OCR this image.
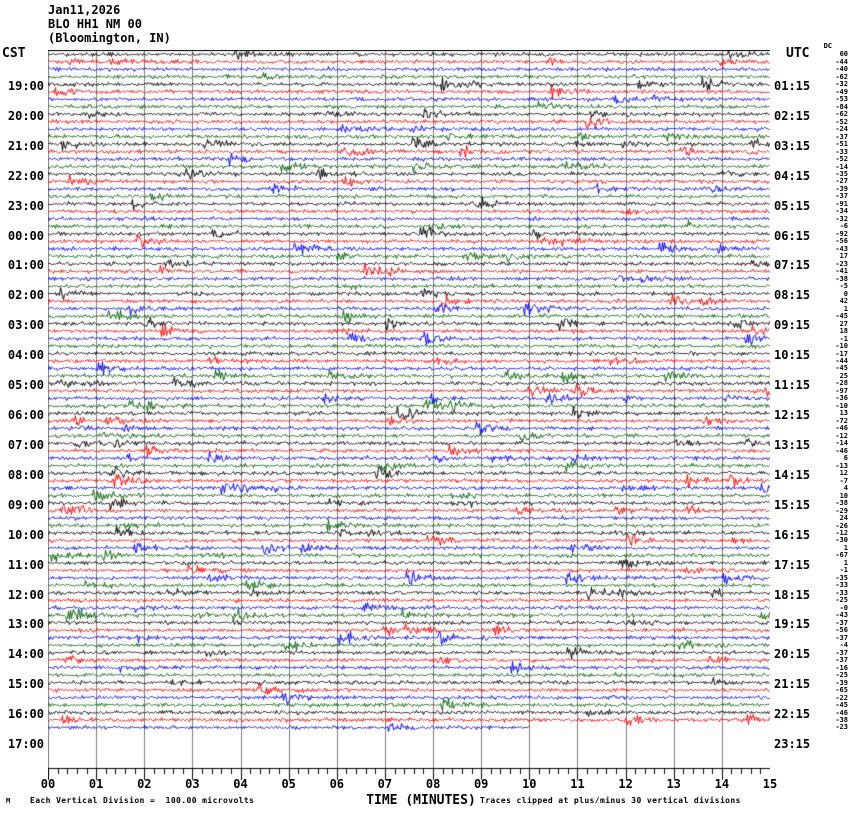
Jan11,2026
BLO HH1 NM 00
(Bloomington, IN)
CST	UTC DC
19:00
20:00
21:00
22:00
23:00
00:00
01:00
02:00
03:00
04:00
05:00
06:00
07:00
08:00
09:00
10:00
11:00
12:00
13:00
14:00
15:00
16:00
17:00
01:15
02:15
03:15
04:15
05:15
06:15
07:15
08:15
09:15
10:15
11:15
12:15
13:15
14:15
15:15
16:15
17:15
18:15
19:15
20:15
21:15
22:15
23:15
60
-44
-40
-62
-32
-49
-53
-84
-62
-52
-24
-37
-51
-33
-52
-14
-35
-27
-39
-37
-91
-34
-32
-6
-92
-56
-43
17
-23
-41
-38
-5
0
42
1
-45
27
18
-1
-10
-17
-44
-45
25
-28
-97
-36
-10
13
-72
-46
-12
-14
-46
6
-13
12
-7
4
10
-38
-29
24
-26
-12
-30
1
-67
1
-1
-35
-33
-33
-25
-0
-43
-37
-56
-37
-4
-37
-37
-16
-25
-39
-65
-22
-45
-46
-38
-23
00	01	02	03	04	05	06	07	08	09	10	11	12	13	14	15
M Each Vertical Division =  100.00 microvolts	TIME (MINUTES) Traces clipped at plus/minus 30 vertical divisions
